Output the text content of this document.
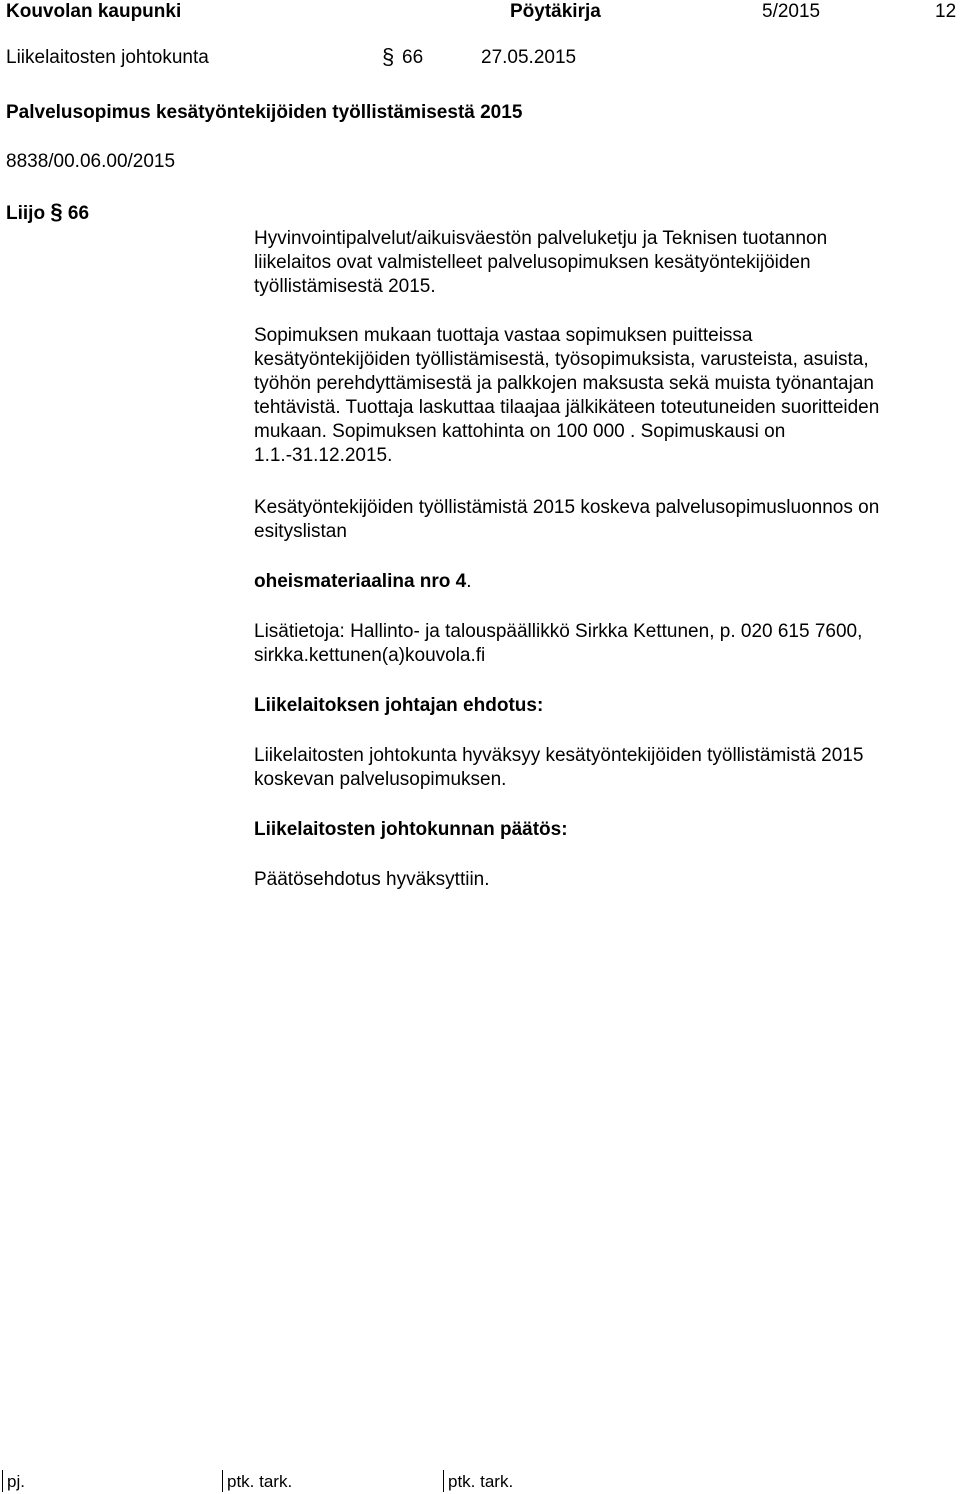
Kouvolan kaupunki	Pöytäkirja	5/2015	12
Liikelaitosten johtokunta	§ 66	27.05.2015
Palvelusopimus kesätyöntekijöiden työllistämisestä 2015
8838/00.06.00/2015
Liijo § 66
Hyvinvointipalvelut/aikuisväestön palveluketju ja Teknisen tuotannon
liikelaitos ovat valmistelleet palvelusopimuksen kesätyöntekijöiden
työllistämisestä 2015.
Sopimuksen mukaan tuottaja vastaa sopimuksen puitteissa
kesätyöntekijöiden työllistämisestä, työsopimuksista, varusteista, asuista,
työhön perehdyttämisestä ja palkkojen maksusta sekä muista työnantajan
tehtävistä. Tuottaja laskuttaa tilaajaa jälkikäteen toteutuneiden suoritteiden
mukaan. Sopimuksen kattohinta on 100 000 . Sopimuskausi on
1.1.-31.12.2015.
Kesätyöntekijöiden työllistämistä 2015 koskeva palvelusopimusluonnos on
esityslistan
oheismateriaalina nro 4.
Lisätietoja: Hallinto- ja talouspäällikkö Sirkka Kettunen, p. 020 615 7600,
sirkka.kettunen(a)kouvola.fi
Liikelaitoksen johtajan ehdotus:
Liikelaitosten johtokunta hyväksyy kesätyöntekijöiden työllistämistä 2015
koskevan palvelusopimuksen.
Liikelaitosten johtokunnan päätös:
Päätösehdotus hyväksyttiin.
pj.	ptk. tark.	ptk. tark.
